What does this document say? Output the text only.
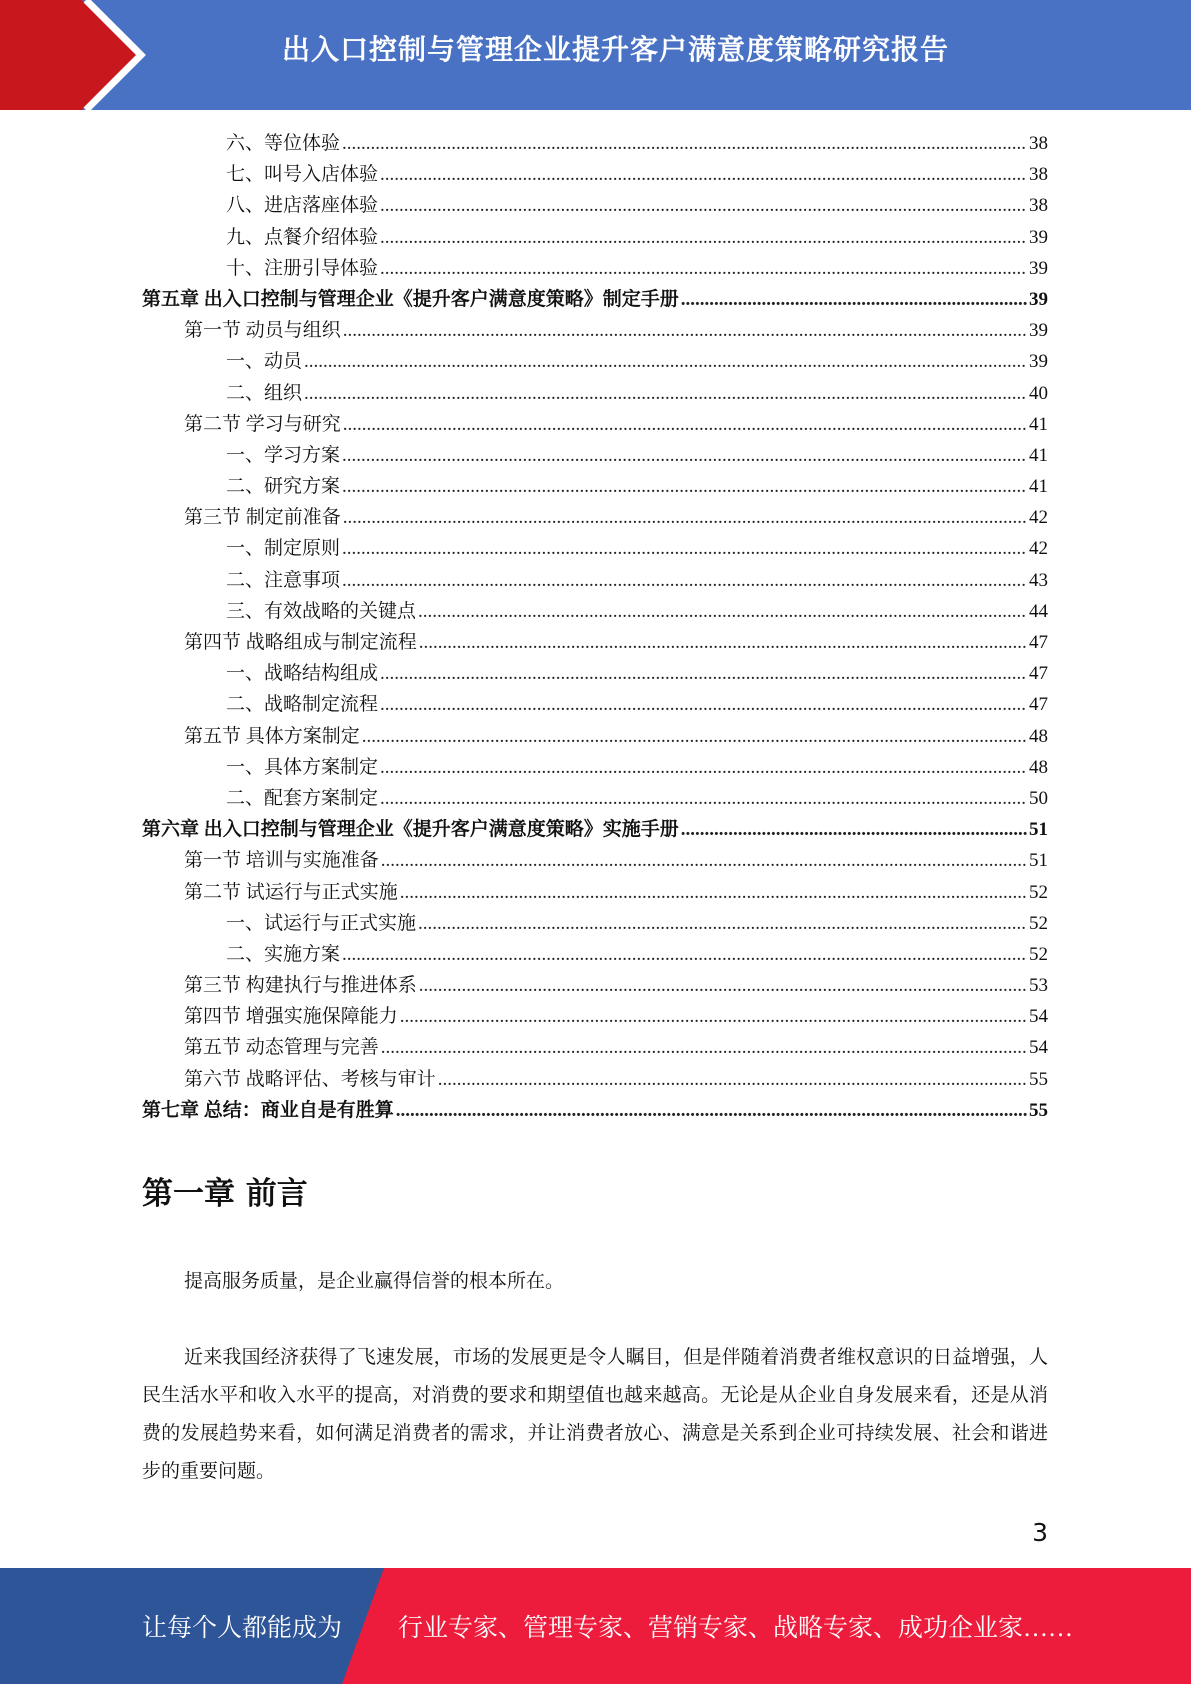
出入口控制与管理企业提升客户满意度策略研究报告
六、等位体验 .....	38
七、叫号入店体验 .....	38
八、进店落座体验 .....	38
九、点餐介绍体验 .....	39
十、注册引导体验 .....	39
第五章 出入口控制与管理企业《提升客户满意度策略》制定手册 .....	39
第一节 动员与组织 .....	39
一、动员 .....	39
二、组织 .....	40
第二节 学习与研究 .....	41
一、学习方案 .....	41
二、研究方案 .....	41
第三节 制定前准备 .....	42
一、制定原则 .....	42
二、注意事项 .....	43
三、有效战略的关键点 .....	44
第四节 战略组成与制定流程 .....	47
一、战略结构组成 .....	47
二、战略制定流程 .....	47
第五节 具体方案制定 .....	48
一、具体方案制定 .....	48
二、配套方案制定 .....	50
第六章 出入口控制与管理企业《提升客户满意度策略》实施手册 .....	51
第一节 培训与实施准备 .....	51
第二节 试运行与正式实施 .....	52
一、试运行与正式实施 .....	52
二、实施方案 .....	52
第三节 构建执行与推进体系 .....	53
第四节 增强实施保障能力 .....	54
第五节 动态管理与完善 .....	54
第六节 战略评估、考核与审计 .....	55
第七章 总结：商业自是有胜算 .....	55
第一章 前言

提高服务质量，是企业赢得信誉的根本所在。

近来我国经济获得了飞速发展，市场的发展更是令人瞩目，但是伴随着消费者维权意识的日益增强，人民生活水平和收入水平的提高，对消费的要求和期望值也越来越高。无论是从企业自身发展来看，还是从消费的发展趋势来看，如何满足消费者的需求，并让消费者放心、满意是关系到企业可持续发展、社会和谐进步的重要问题。

3
让每个人都能成为 行业专家、管理专家、营销专家、战略专家、成功企业家……
